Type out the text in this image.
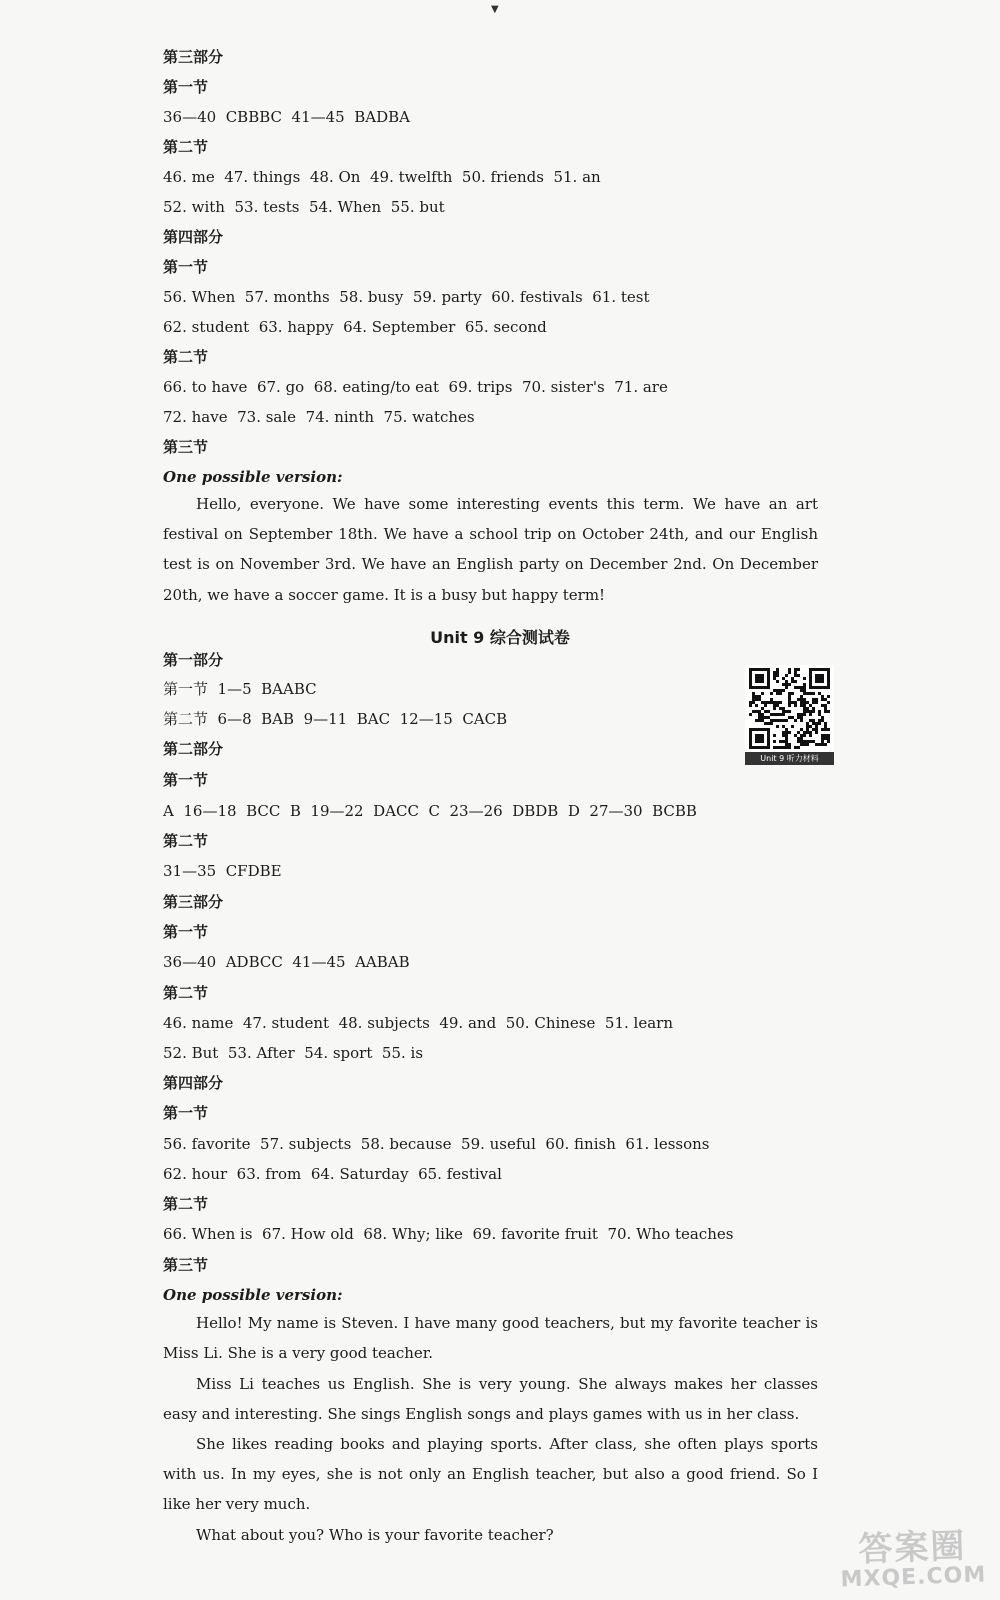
▼
第三部分
第一节
36—40  CBBBC  41—45  BADBA
第二节
46. me  47. things  48. On  49. twelfth  50. friends  51. an
52. with  53. tests  54. When  55. but
第四部分
第一节
56. When  57. months  58. busy  59. party  60. festivals  61. test
62. student  63. happy  64. September  65. second
第二节
66. to have  67. go  68. eating/to eat  69. trips  70. sister's  71. are
72. have  73. sale  74. ninth  75. watches
第三节
One possible version:
第一部分
第一节  1—5  BAABC
第二节  6—8  BAB  9—11  BAC  12—15  CACB
第二部分
第一节
A  16—18  BCC  B  19—22  DACC  C  23—26  DBDB  D  27—30  BCBB
第二节
31—35  CFDBE
第三部分
第一节
36—40  ADBCC  41—45  AABAB
第二节
46. name  47. student  48. subjects  49. and  50. Chinese  51. learn
52. But  53. After  54. sport  55. is
第四部分
第一节
56. favorite  57. subjects  58. because  59. useful  60. finish  61. lessons
62. hour  63. from  64. Saturday  65. festival
第二节
66. When is  67. How old  68. Why; like  69. favorite fruit  70. Who teaches
第三节
One possible version:
Hello, everyone. We have some interesting events this term. We have an art festival on September 18th. We have a school trip on October 24th, and our English test is on November 3rd. We have an English party on December 2nd. On December 20th, we have a soccer game. It is a busy but happy term!
Unit 9 综合测试卷
Unit 9 听力材料
Hello! My name is Steven. I have many good teachers, but my favorite teacher is Miss Li. She is a very good teacher.
Miss Li teaches us English. She is very young. She always makes her classes easy and interesting. She sings English songs and plays games with us in her class.
She likes reading books and playing sports. After class, she often plays sports with us. In my eyes, she is not only an English teacher, but also a good friend. So I like her very much.
What about you? Who is your favorite teacher?	答案圈
MXQE.COM
